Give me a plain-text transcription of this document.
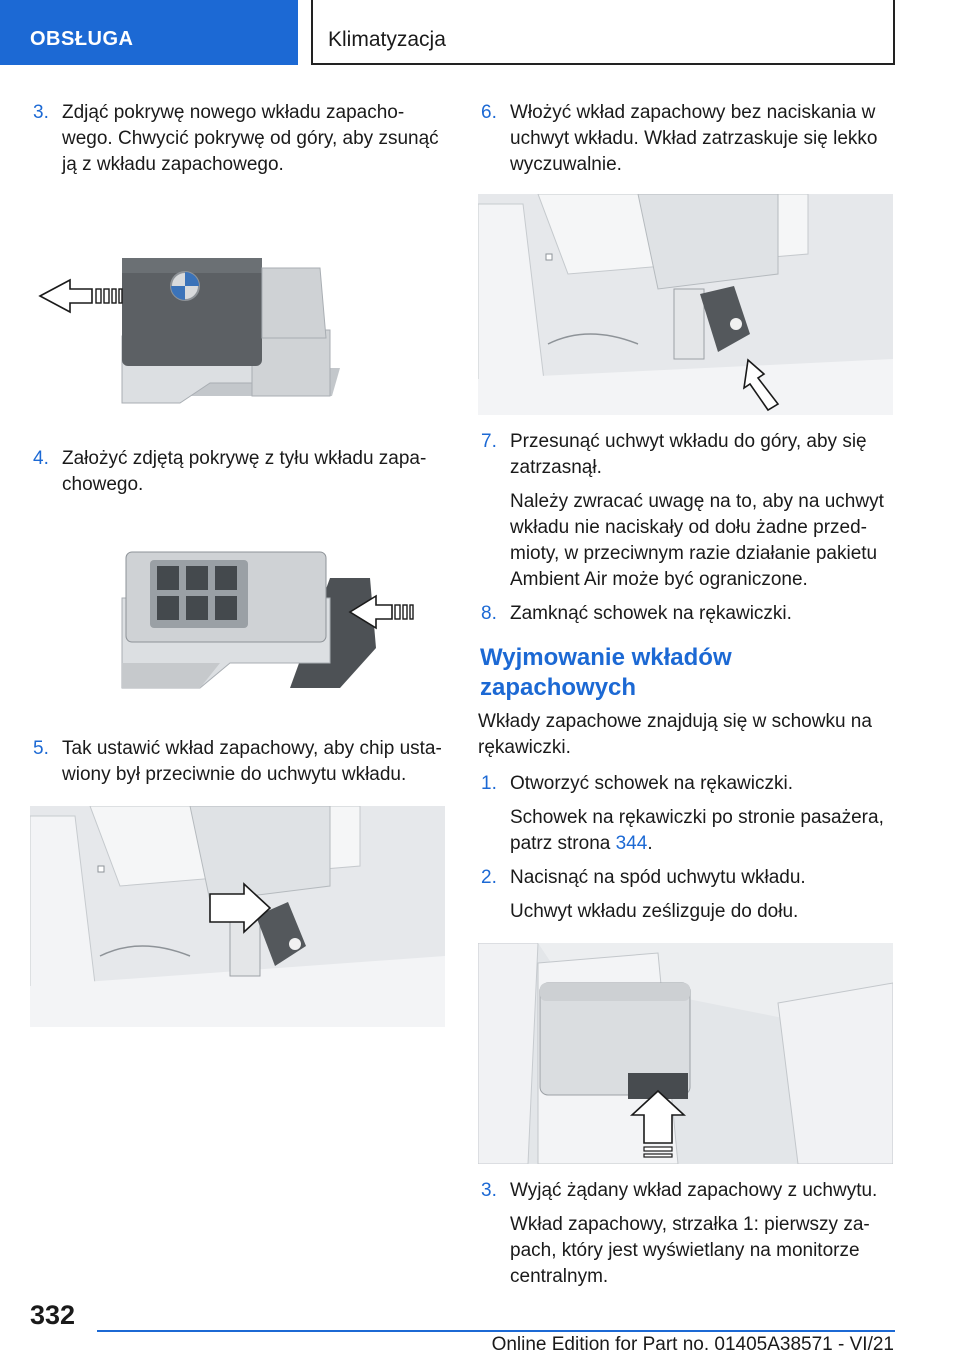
OBSŁUGA	Klimatyzacja
3. Zdjąć pokrywę nowego wkładu zapachowego. Chwycić pokrywę od góry, aby zsunąć ją z wkładu zapachowego.
4. Założyć zdjętą pokrywę z tyłu wkładu zapachowego.
5. Tak ustawić wkład zapachowy, aby chip ustawiony był przeciwnie do uchwytu wkładu.
6. Włożyć wkład zapachowy bez naciskania w uchwyt wkładu. Wkład zatrzaskuje się lekko wyczuwalnie.
7. Przesunąć uchwyt wkładu do góry, aby się zatrzasnął.
Należy zwracać uwagę na to, aby na uchwyt wkładu nie naciskały od dołu żadne przedmioty, w przeciwnym razie działanie pakietu Ambient Air może być ograniczone.
8. Zamknąć schowek na rękawiczki.
Wyjmowanie wkładów zapachowych
Wkłady zapachowe znajdują się w schowku na rękawiczki.
1. Otworzyć schowek na rękawiczki.
Schowek na rękawiczki po stronie pasażera, patrz strona 344.
2. Nacisnąć na spód uchwytu wkładu.
Uchwyt wkładu ześlizguje do dołu.
3. Wyjąć żądany wkład zapachowy z uchwytu.
Wkład zapachowy, strzałka 1: pierwszy zapach, który jest wyświetlany na monitorze centralnym.
332
Online Edition for Part no. 01405A38571 - VI/21
